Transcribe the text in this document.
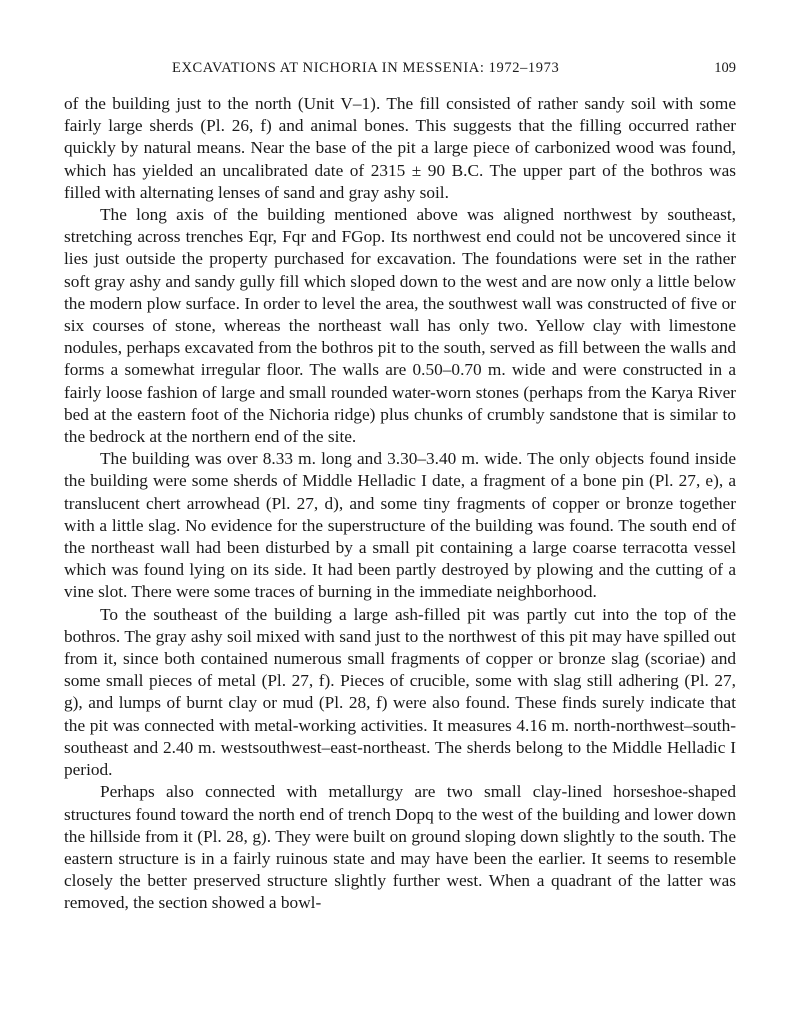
EXCAVATIONS AT NICHORIA IN MESSENIA: 1972–1973	109

of the building just to the north (Unit V–1). The fill consisted of rather sandy soil with some fairly large sherds (Pl. 26, f) and animal bones. This suggests that the filling occurred rather quickly by natural means. Near the base of the pit a large piece of carbonized wood was found, which has yielded an uncalibrated date of 2315 ± 90 B.C. The upper part of the bothros was filled with alternating lenses of sand and gray ashy soil.

The long axis of the building mentioned above was aligned northwest by southeast, stretching across trenches Eqr, Fqr and FGop. Its northwest end could not be uncovered since it lies just outside the property purchased for excavation. The foundations were set in the rather soft gray ashy and sandy gully fill which sloped down to the west and are now only a little below the modern plow surface. In order to level the area, the southwest wall was constructed of five or six courses of stone, whereas the northeast wall has only two. Yellow clay with limestone nodules, perhaps excavated from the bothros pit to the south, served as fill between the walls and forms a somewhat irregular floor. The walls are 0.50–0.70 m. wide and were constructed in a fairly loose fashion of large and small rounded water-worn stones (perhaps from the Karya River bed at the eastern foot of the Nichoria ridge) plus chunks of crumbly sandstone that is similar to the bedrock at the northern end of the site.

The building was over 8.33 m. long and 3.30–3.40 m. wide. The only objects found inside the building were some sherds of Middle Helladic I date, a fragment of a bone pin (Pl. 27, e), a translucent chert arrowhead (Pl. 27, d), and some tiny fragments of copper or bronze together with a little slag. No evidence for the superstructure of the building was found. The south end of the northeast wall had been disturbed by a small pit containing a large coarse terracotta vessel which was found lying on its side. It had been partly destroyed by plowing and the cutting of a vine slot. There were some traces of burning in the immediate neighborhood.

To the southeast of the building a large ash-filled pit was partly cut into the top of the bothros. The gray ashy soil mixed with sand just to the northwest of this pit may have spilled out from it, since both contained numerous small fragments of copper or bronze slag (scoriae) and some small pieces of metal (Pl. 27, f). Pieces of crucible, some with slag still adhering (Pl. 27, g), and lumps of burnt clay or mud (Pl. 28, f) were also found. These finds surely indicate that the pit was connected with metal-working activities. It measures 4.16 m. north-northwest–south-southeast and 2.40 m. westsouthwest–east-northeast. The sherds belong to the Middle Helladic I period.

Perhaps also connected with metallurgy are two small clay-lined horseshoe-shaped structures found toward the north end of trench Dopq to the west of the building and lower down the hillside from it (Pl. 28, g). They were built on ground sloping down slightly to the south. The eastern structure is in a fairly ruinous state and may have been the earlier. It seems to resemble closely the better preserved structure slightly further west. When a quadrant of the latter was removed, the section showed a bowl-
